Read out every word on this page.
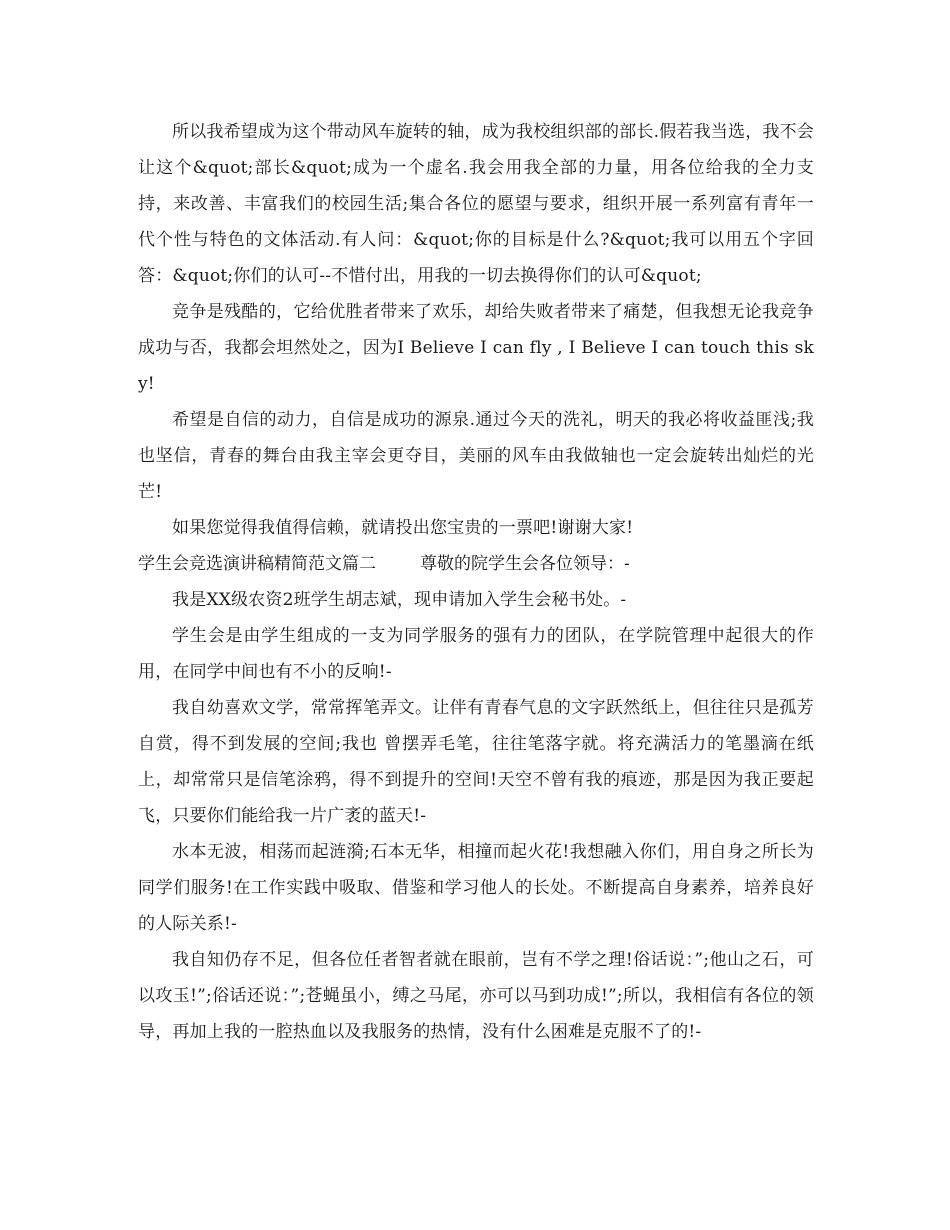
所以我希望成为这个带动风车旋转的轴，成为我校组织部的部长.假若我当选，我不会让这个&quot;部长&quot;成为一个虚名.我会用我全部的力量，用各位给我的全力支持，来改善、丰富我们的校园生活;集合各位的愿望与要求，组织开展一系列富有青年一代个性与特色的文体活动.有人问：&quot;你的目标是什么?&quot;我可以用五个字回答：&quot;你们的认可--不惜付出，用我的一切去换得你们的认可&quot;

竞争是残酷的，它给优胜者带来了欢乐，却给失败者带来了痛楚，但我想无论我竞争成功与否，我都会坦然处之，因为I Believe I can fly , I Believe I can touch this sky!

希望是自信的动力，自信是成功的源泉.通过今天的洗礼，明天的我必将收益匪浅;我也坚信，青春的舞台由我主宰会更夺目，美丽的风车由我做轴也一定会旋转出灿烂的光芒!

如果您觉得我值得信赖，就请投出您宝贵的一票吧!谢谢大家!

学生会竞选演讲稿精简范文篇二	尊敬的院学生会各位领导：-

我是XX级农资2班学生胡志斌，现申请加入学生会秘书处。-

学生会是由学生组成的一支为同学服务的强有力的团队，在学院管理中起很大的作用，在同学中间也有不小的反响!-

我自幼喜欢文学，常常挥笔弄文。让伴有青春气息的文字跃然纸上，但往往只是孤芳自赏，得不到发展的空间;我也 曾摆弄毛笔，往往笔落字就。将充满活力的笔墨滴在纸上，却常常只是信笔涂鸦，得不到提升的空间!天空不曾有我的痕迹，那是因为我正要起飞，只要你们能给我一片广袤的蓝天!-

水本无波，相荡而起涟漪;石本无华，相撞而起火花!我想融入你们，用自身之所长为同学们服务!在工作实践中吸取、借鉴和学习他人的长处。不断提高自身素养，培养良好的人际关系!-

我自知仍存不足，但各位任者智者就在眼前，岂有不学之理!俗话说：”;他山之石，可以攻玉!”;俗话还说：”;苍蝇虽小，缚之马尾，亦可以马到功成!”;所以，我相信有各位的领导，再加上我的一腔热血以及我服务的热情，没有什么困难是克服不了的!-
